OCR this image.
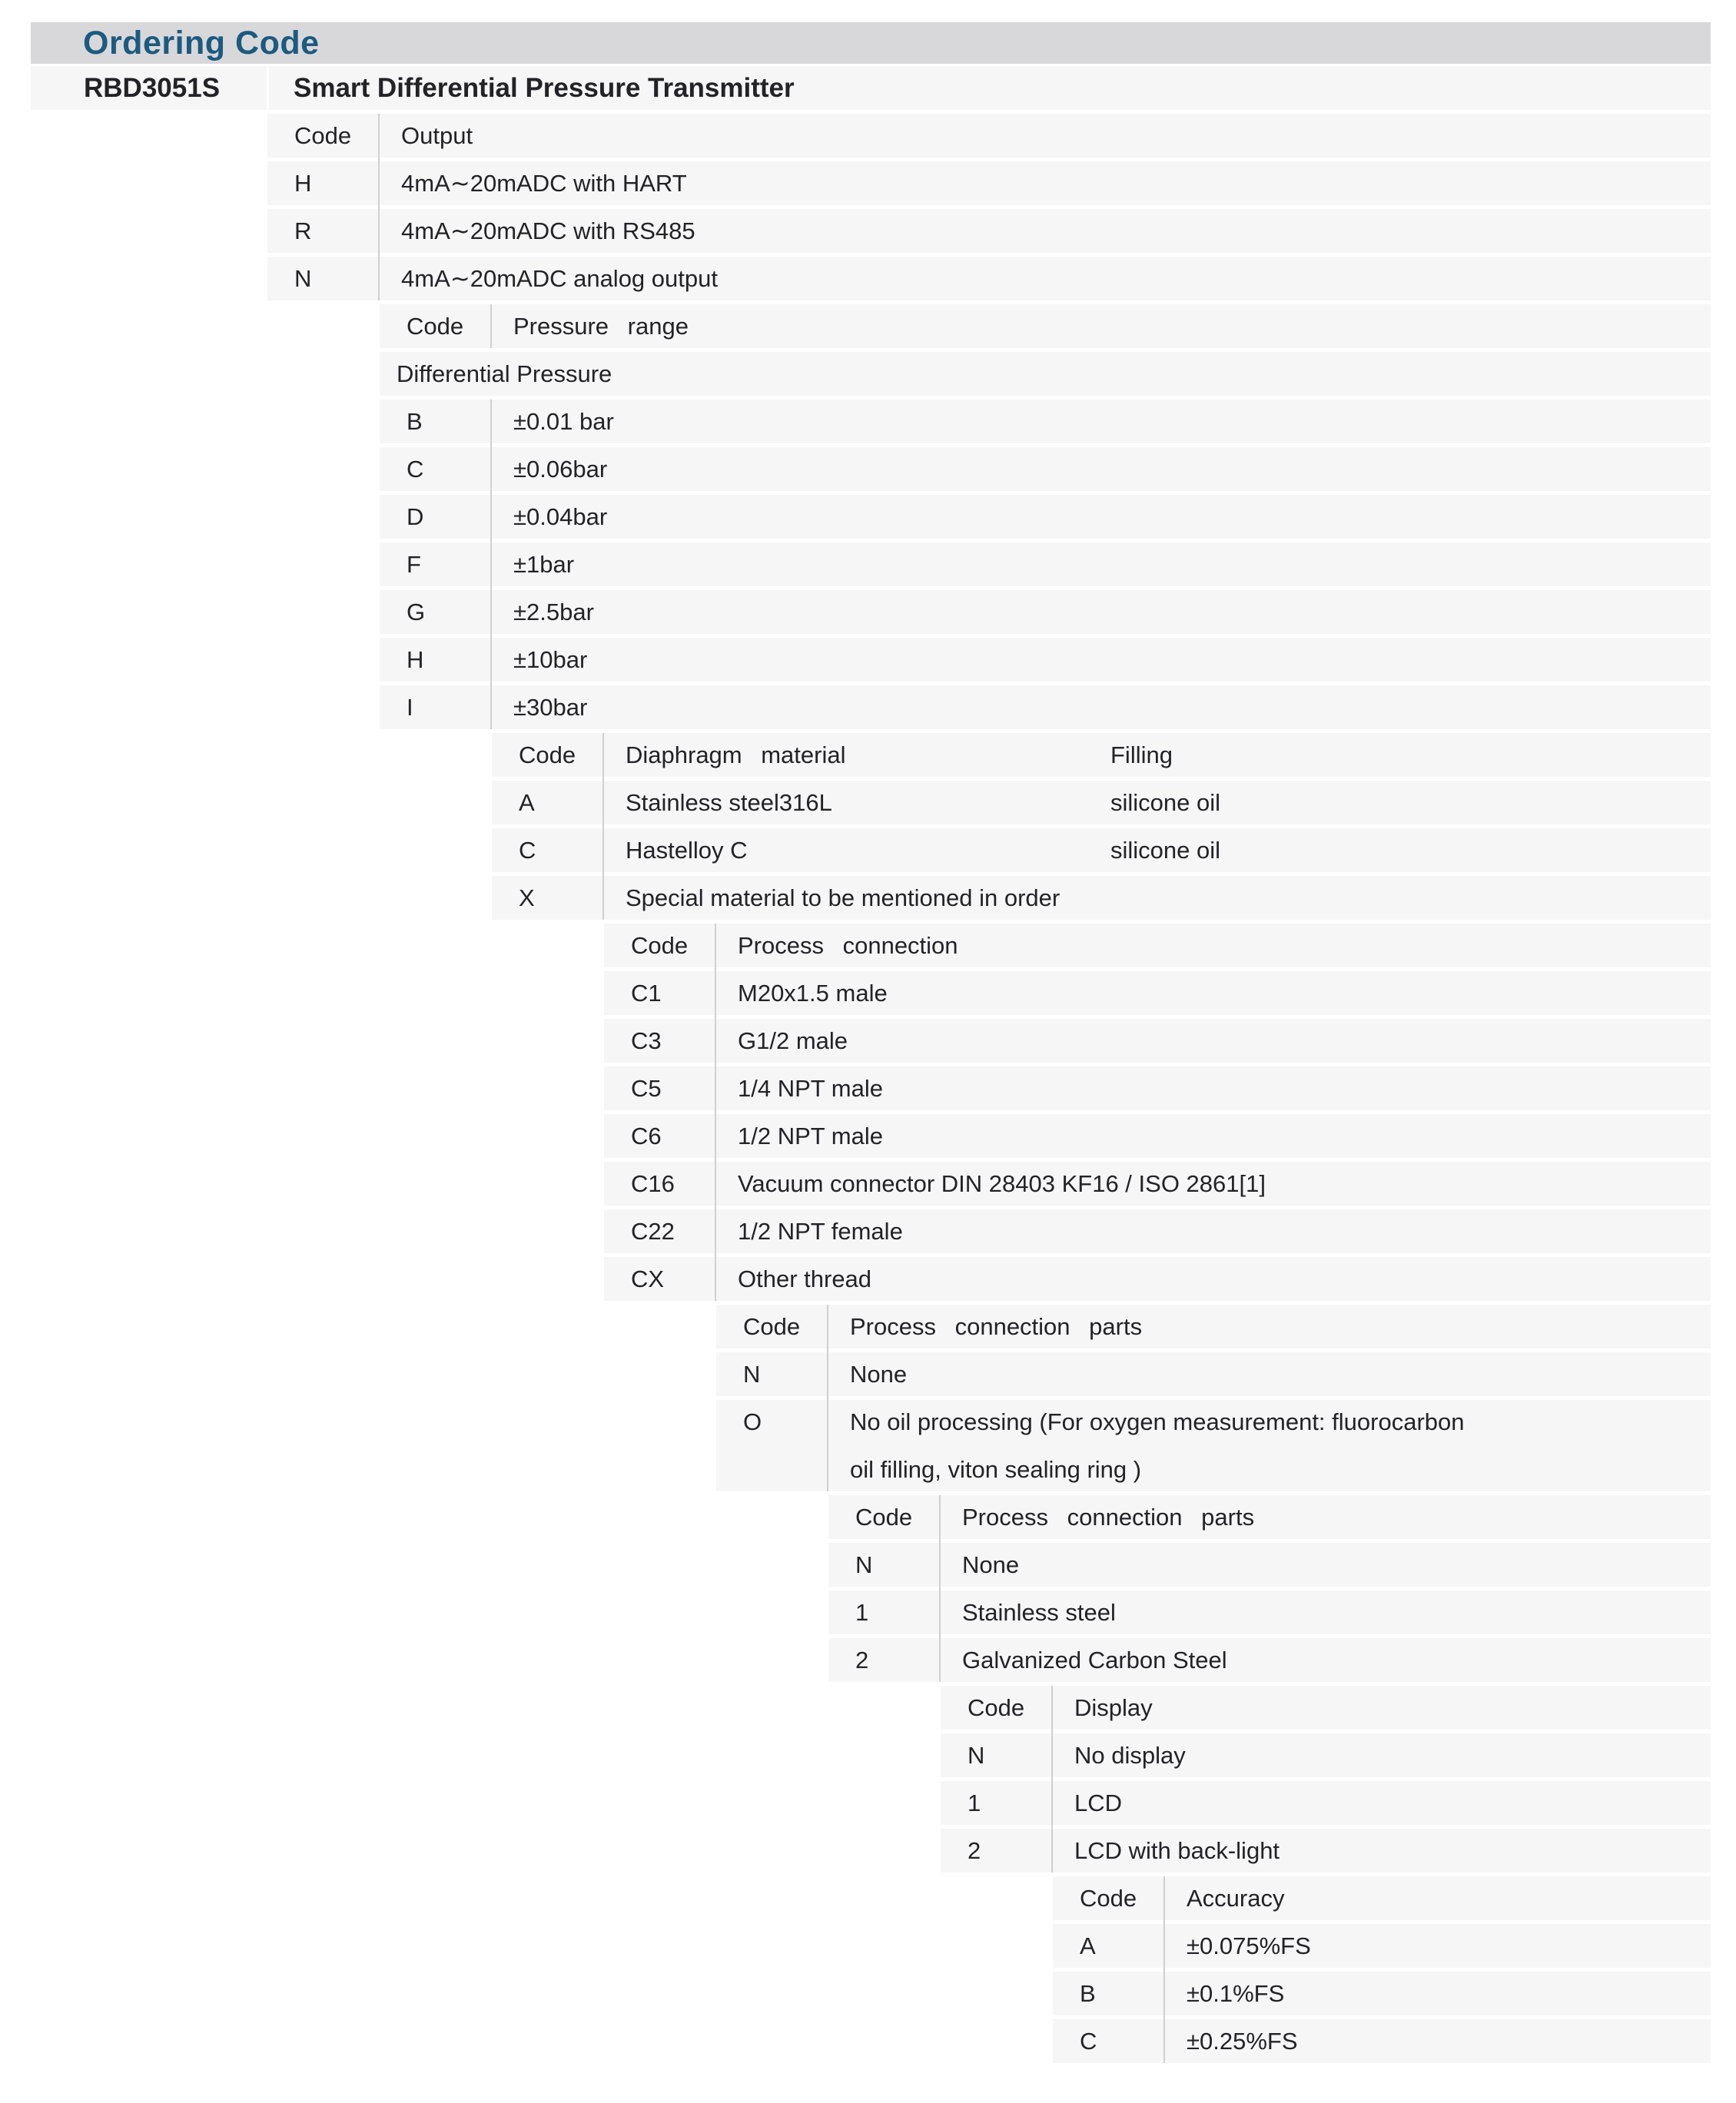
Ordering Code
RBD3051S	Smart Differential Pressure Transmitter
Code	Output
H	4mA∼20mADC with HART
R	4mA∼20mADC with RS485
N	4mA∼20mADC analog output
Code	Pressure range
Differential Pressure
B	±0.01 bar
C	±0.06bar
D	±0.04bar
F	±1bar
G	±2.5bar
H	±10bar
I	±30bar
Code	Diaphragm material	Filling
A	Stainless steel316L	silicone oil
C	Hastelloy C	silicone oil
X	Special material to be mentioned in order
Code	Process connection
C1	M20x1.5 male
C3	G1/2 male
C5	1/4 NPT male
C6	1/2 NPT male
C16	Vacuum connector DIN 28403 KF16 / ISO 2861[1]
C22	1/2 NPT female
CX	Other thread
Code	Process connection parts
N	None
O	No oil processing (For oxygen measurement: fluorocarbon
oil filling, viton sealing ring )
Code	Process connection parts
N	None
1	Stainless steel
2	Galvanized Carbon Steel
Code	Display
N	No display
1	LCD
2	LCD with back-light
Code	Accuracy
A	±0.075%FS
B	±0.1%FS
C	±0.25%FS
